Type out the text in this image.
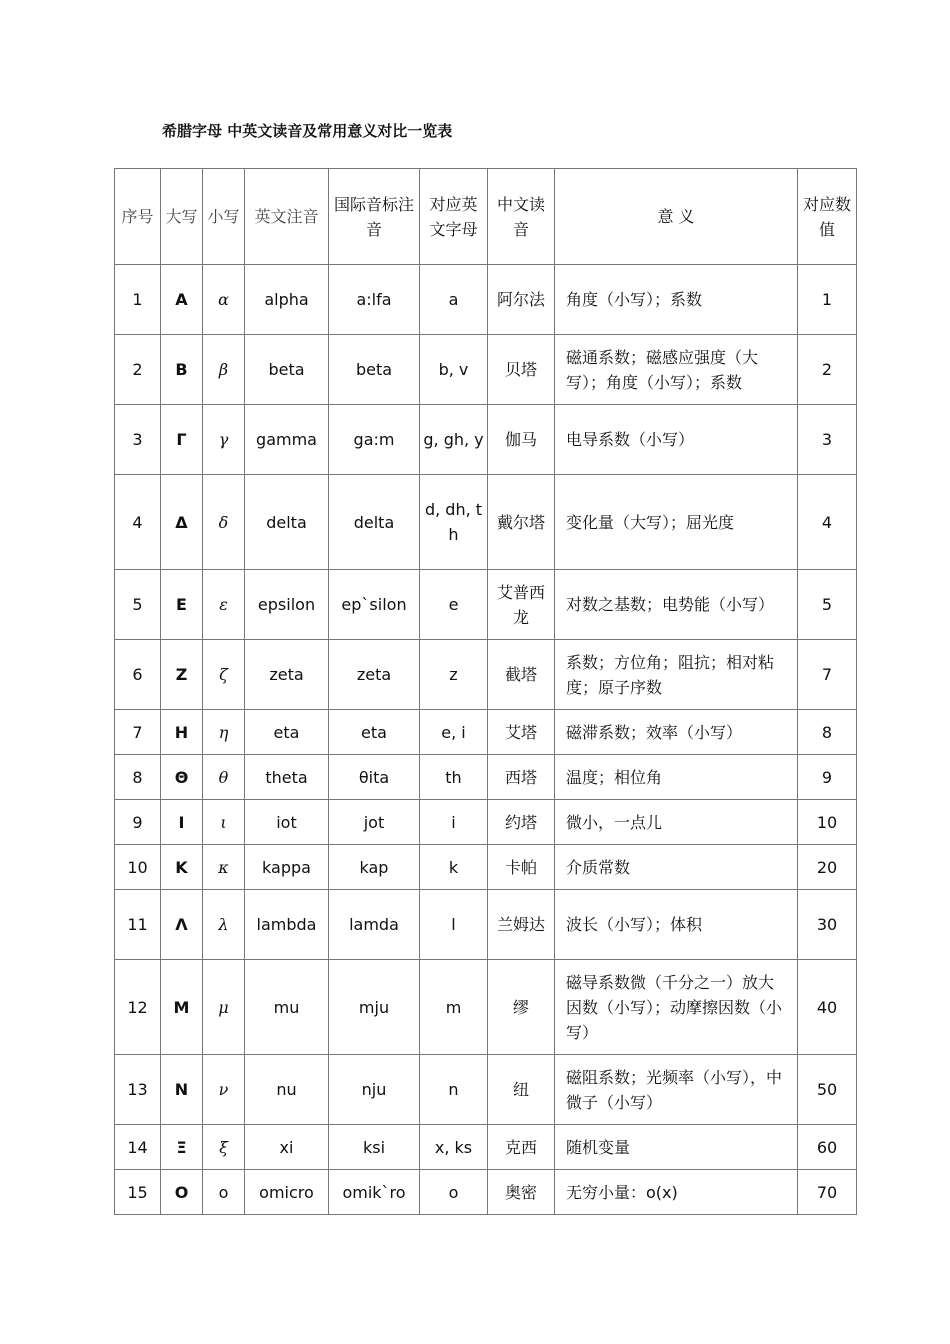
希腊字母 中英文读音及常用意义对比一览表
序号	大写	小写	英文注音	国际音标注音	对应英文字母	中文读音	意 义	对应数值
1	Α	α	alpha	a:lfa	a	阿尔法	角度（小写）；系数	1
2	Β	β	beta	beta	b, v	贝塔	磁通系数；磁感应强度（大写）；角度（小写）；系数	2
3	Γ	γ	gamma	ga:m	g, gh, y	伽马	电导系数（小写）	3
4	Δ	δ	delta	delta	d, dh, th	戴尔塔	变化量（大写）；屈光度	4
5	Ε	ε	epsilon	ep`silon	e	艾普西龙	对数之基数；电势能（小写）	5
6	Ζ	ζ	zeta	zeta	z	截塔	系数；方位角；阻抗；相对粘度；原子序数	7
7	Η	η	eta	eta	e, i	艾塔	磁滞系数；效率（小写）	8
8	Θ	θ	theta	θita	th	西塔	温度；相位角	9
9	Ι	ι	iot	jot	i	约塔	微小，一点儿	10
10	Κ	κ	kappa	kap	k	卡帕	介质常数	20
11	Λ	λ	lambda	lamda	l	兰姆达	波长（小写）；体积	30
12	Μ	μ	mu	mju	m	缪	磁导系数微（千分之一）放大因数（小写）；动摩擦因数（小写）	40
13	Ν	ν	nu	nju	n	纽	磁阻系数；光频率（小写），中微子（小写）	50
14	Ξ	ξ	xi	ksi	x, ks	克西	随机变量	60
15	Ο	o	omicro	omik`ro	o	奥密	无穷小量：o(x)	70
